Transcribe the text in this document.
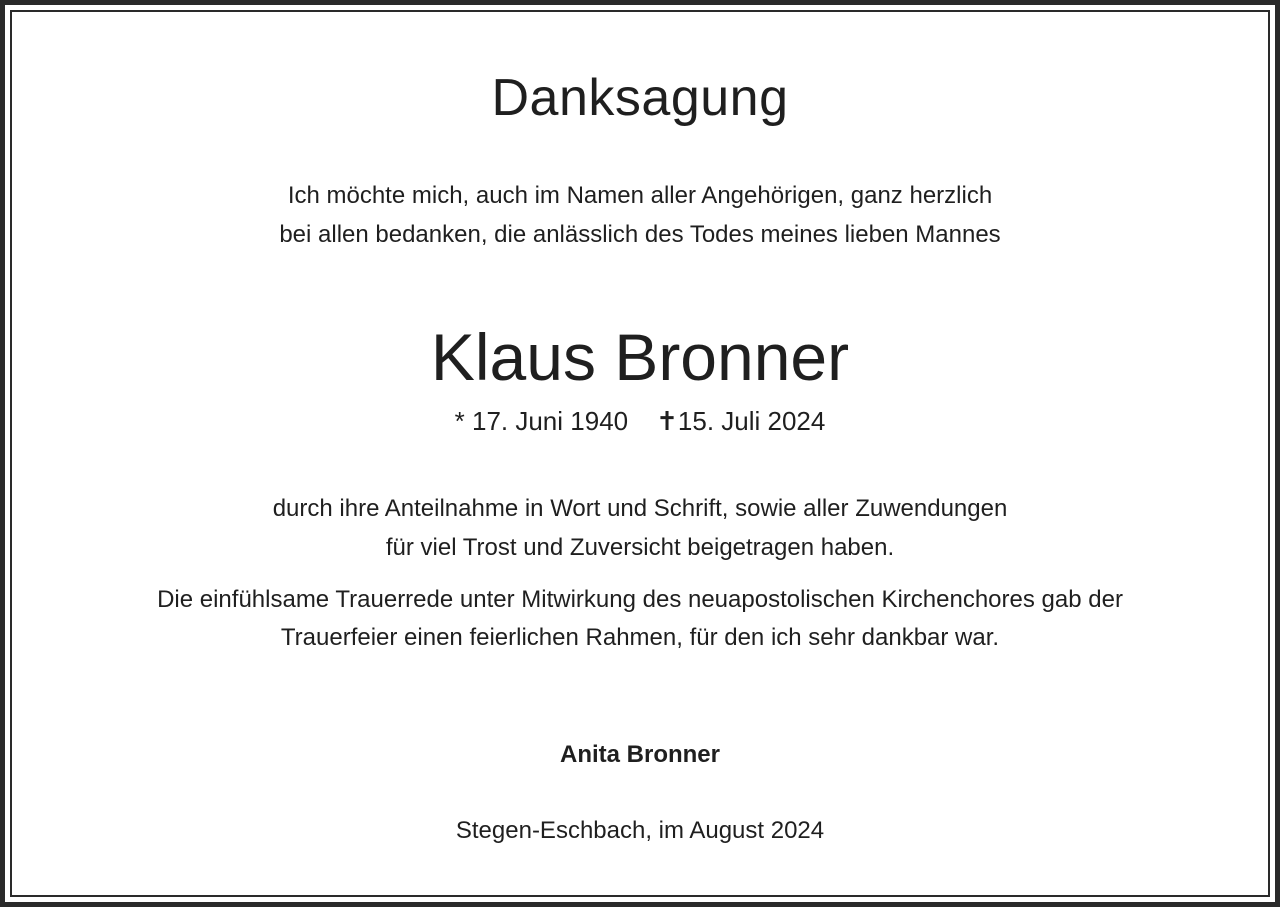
Danksagung
Ich möchte mich, auch im Namen aller Angehörigen, ganz herzlich
bei allen bedanken, die anlässlich des Todes meines lieben Mannes
Klaus Bronner
* 17. Juni 1940 ✝15. Juli 2024
durch ihre Anteilnahme in Wort und Schrift, sowie aller Zuwendungen
für viel Trost und Zuversicht beigetragen haben.
Die einfühlsame Trauerrede unter Mitwirkung des neuapostolischen Kirchenchores gab der
Trauerfeier einen feierlichen Rahmen, für den ich sehr dankbar war.
Anita Bronner
Stegen-Eschbach, im August 2024
